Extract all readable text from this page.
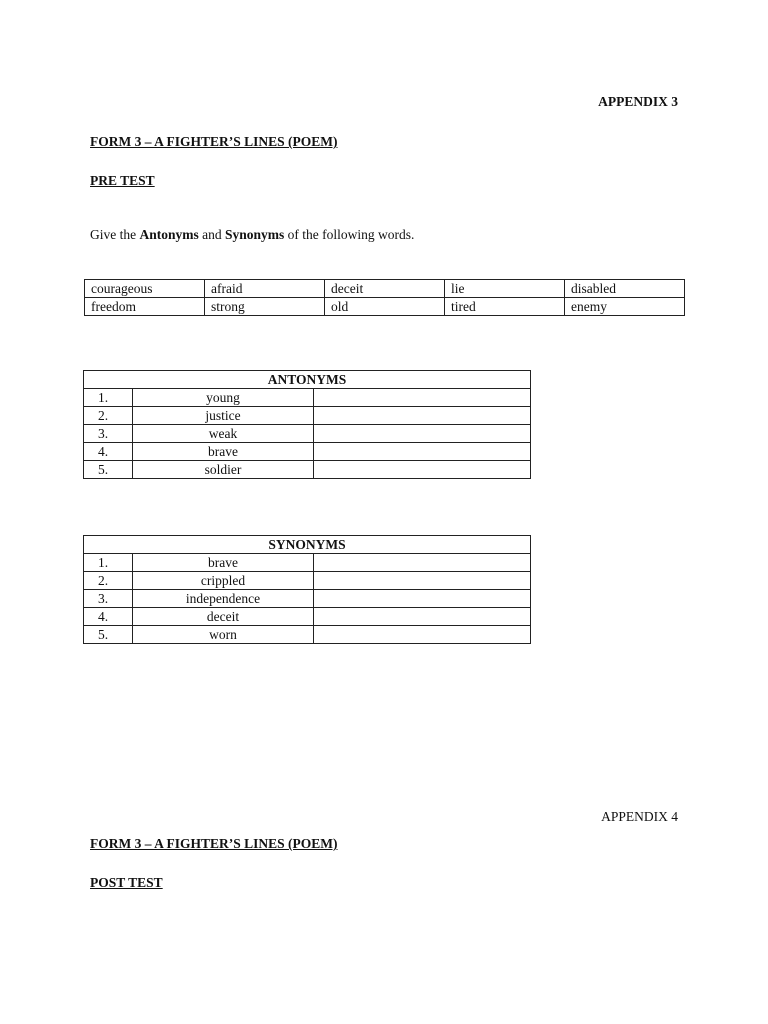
APPENDIX 3
FORM 3 – A FIGHTER’S LINES (POEM)
PRE TEST
Give the Antonyms and Synonyms of the following words.
courageous	afraid	deceit	lie	disabled
freedom	strong	old	tired	enemy
ANTONYMS		
1.	young	
2.	justice	
3.	weak	
4.	brave	
5.	soldier	
SYNONYMS		
1.	brave	
2.	crippled	
3.	independence	
4.	deceit	
5.	worn	
APPENDIX 4
FORM 3 – A FIGHTER’S LINES (POEM)
POST TEST
